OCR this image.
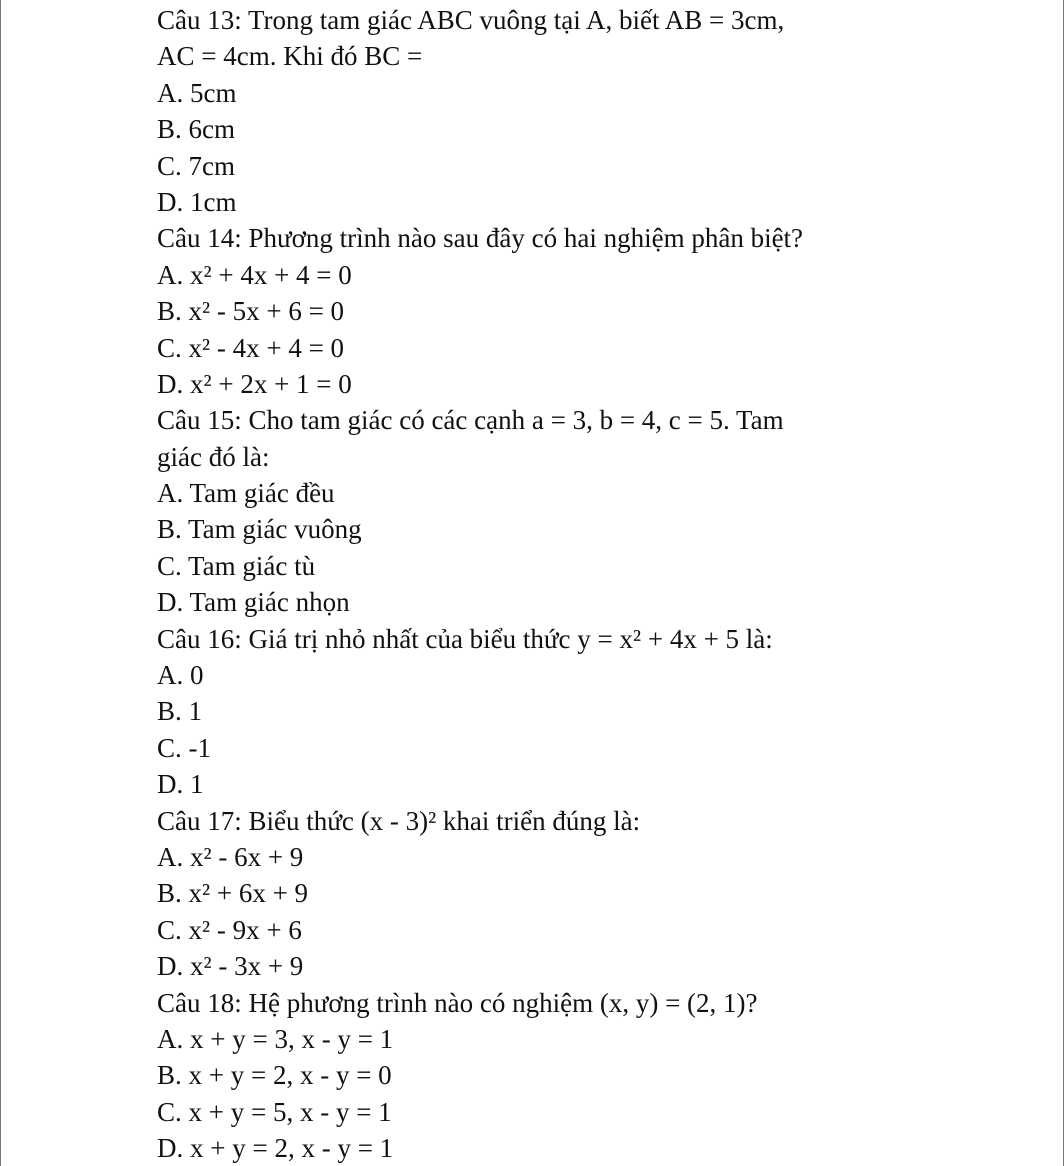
Câu 13: Trong tam giác ABC vuông tại A, biết AB = 3cm,
AC = 4cm. Khi đó BC =
A. 5cm
B. 6cm
C. 7cm
D. 1cm
Câu 14: Phương trình nào sau đây có hai nghiệm phân biệt?
A. x² + 4x + 4 = 0
B. x² - 5x + 6 = 0
C. x² - 4x + 4 = 0
D. x² + 2x + 1 = 0
Câu 15: Cho tam giác có các cạnh a = 3, b = 4, c = 5. Tam
giác đó là:
A. Tam giác đều
B. Tam giác vuông
C. Tam giác tù
D. Tam giác nhọn
Câu 16: Giá trị nhỏ nhất của biểu thức y = x² + 4x + 5 là:
A. 0
B. 1
C. -1
D. 1
Câu 17: Biểu thức (x - 3)² khai triển đúng là:
A. x² - 6x + 9
B. x² + 6x + 9
C. x² - 9x + 6
D. x² - 3x + 9
Câu 18: Hệ phương trình nào có nghiệm (x, y) = (2, 1)?
A. x + y = 3, x - y = 1
B. x + y = 2, x - y = 0
C. x + y = 5, x - y = 1
D. x + y = 2, x - y = 1
